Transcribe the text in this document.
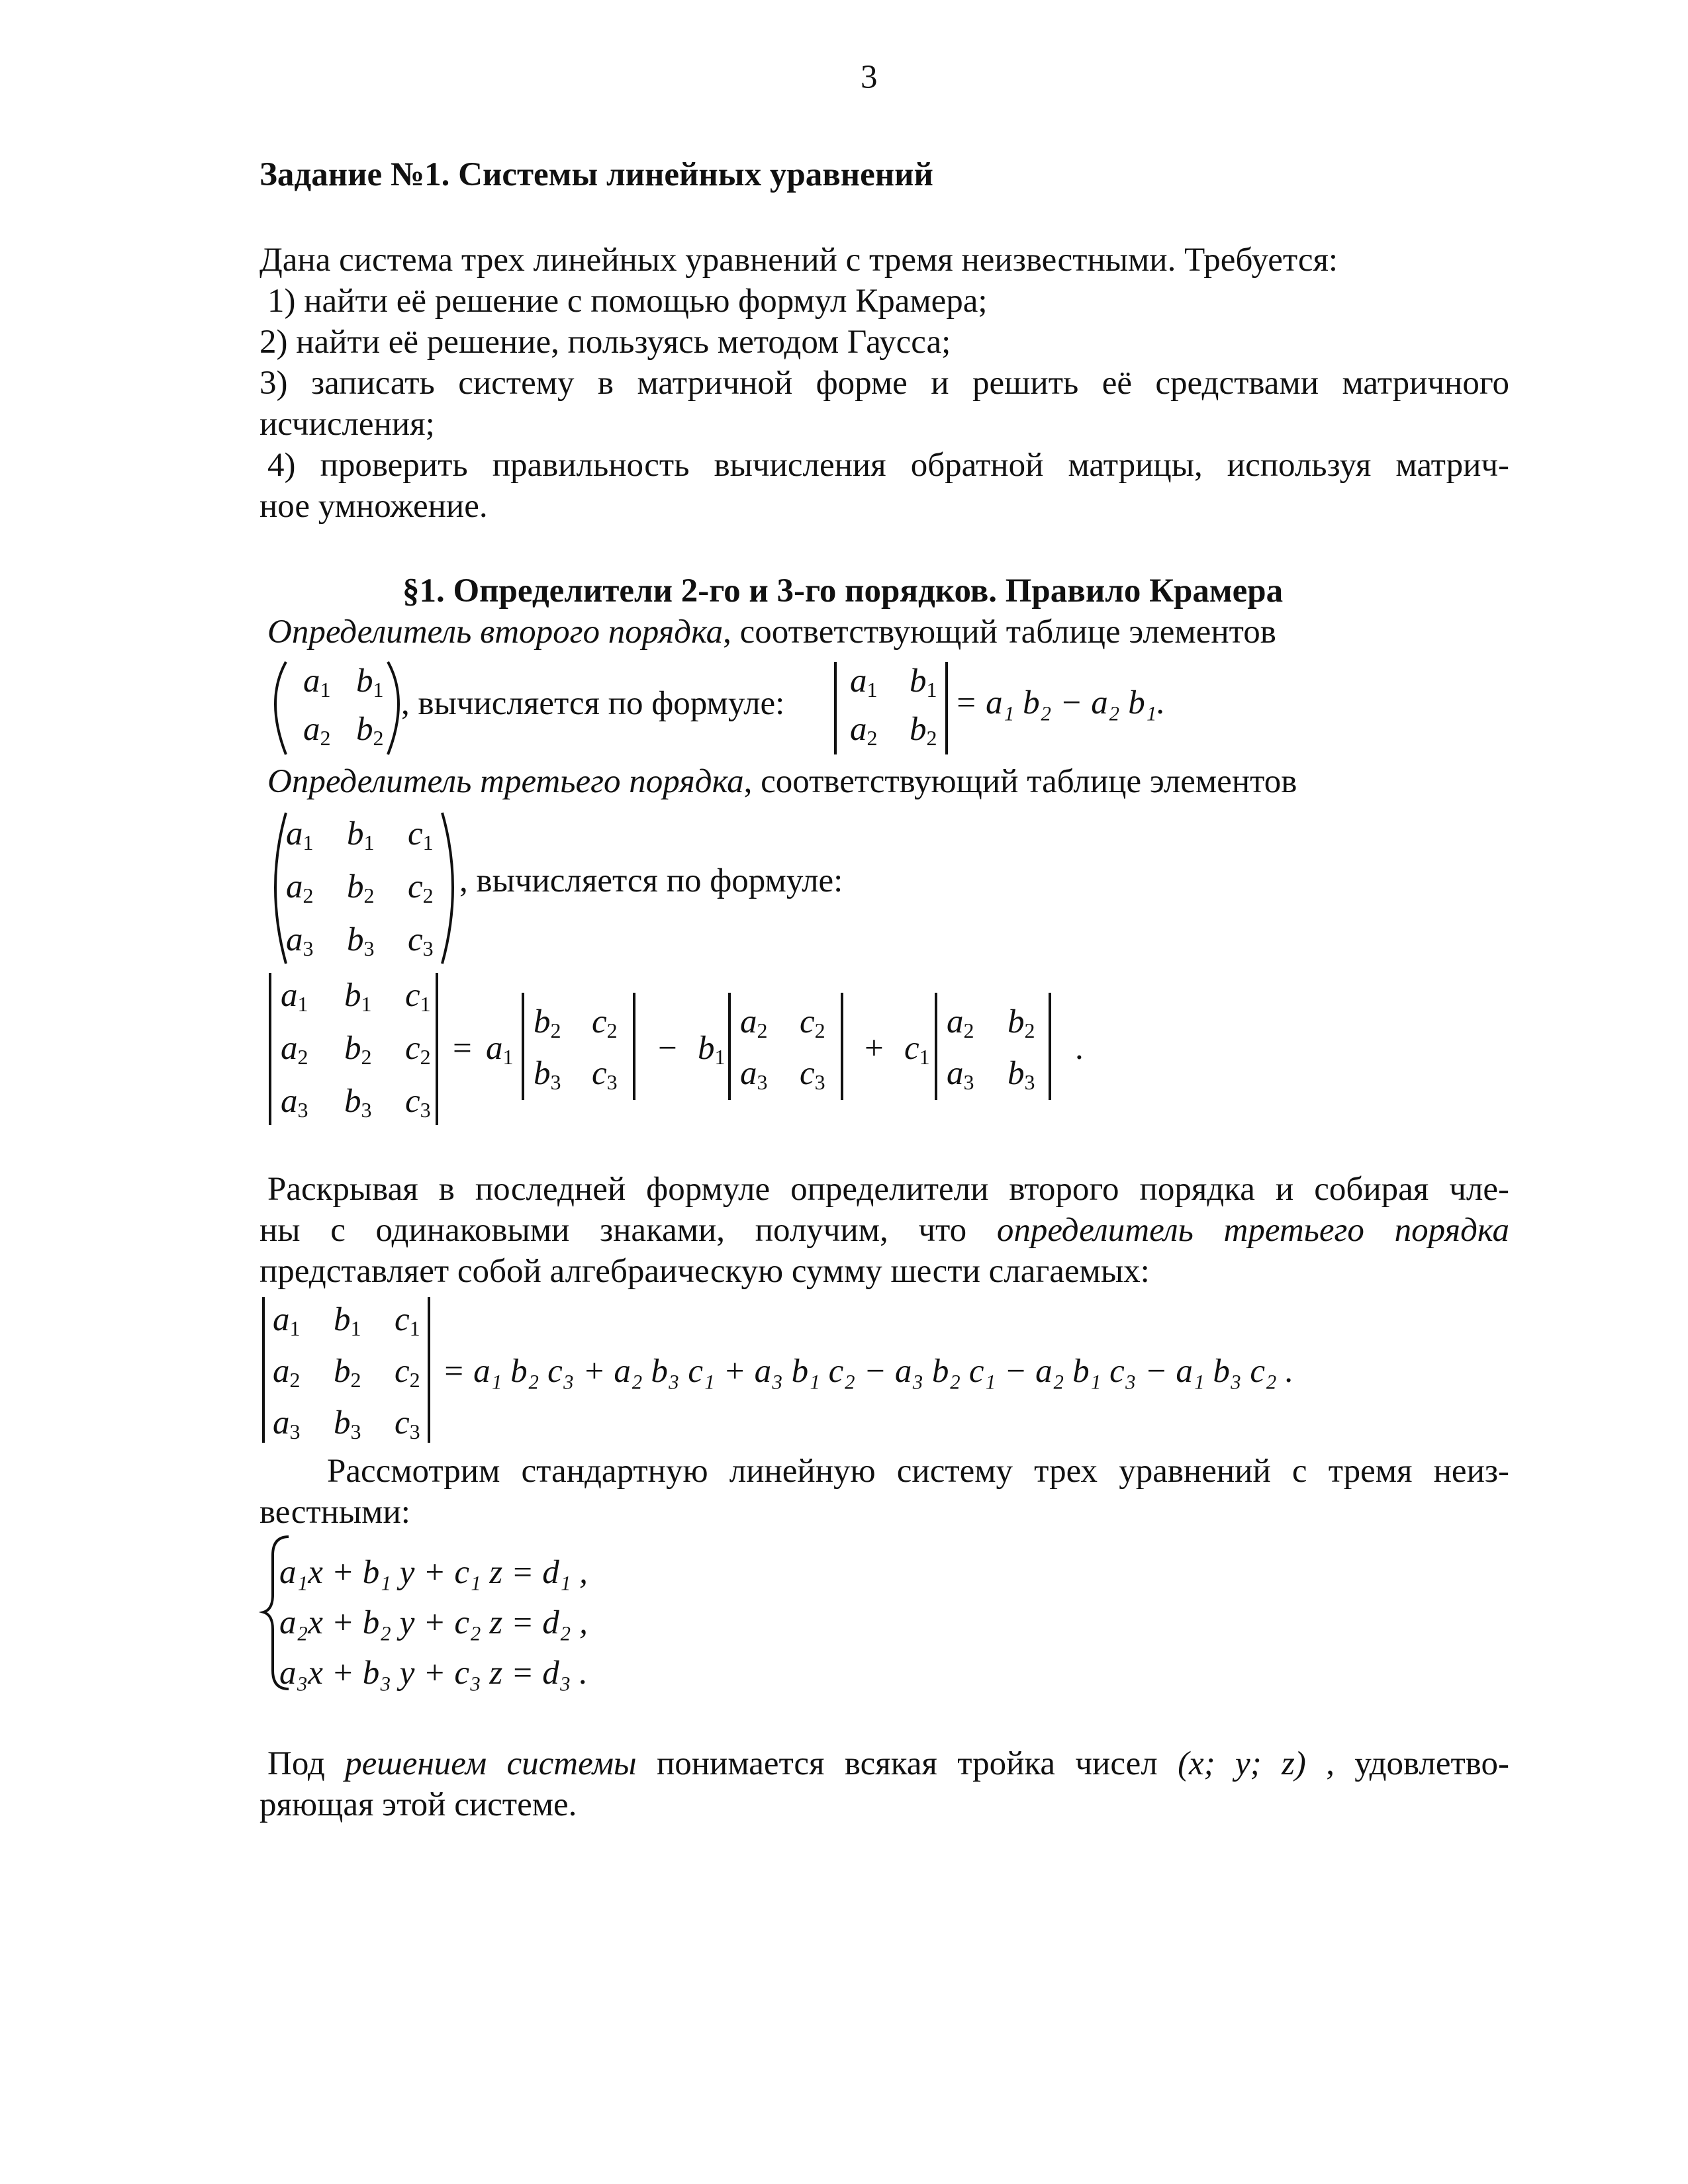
3
Задание №1. Системы линейных уравнений
Дана система трех линейных уравнений с тремя неизвестными. Требуется:
1) найти её решение с помощью формул Крамера;
2) найти её решение, пользуясь методом Гаусса;
3) записать систему в матричной форме и решить её средствами матричного
исчисления;
4) проверить правильность вычисления обратной матрицы, используя матрич-
ное умножение.
§1. Определители 2-го и 3-го порядков. Правило Крамера
Определитель второго порядка, соответствующий таблице элементов
, вычисляется по формуле:
Определитель третьего порядка, соответствующий таблице элементов
, вычисляется по формуле:
Раскрывая в последней формуле определители второго порядка и собирая чле-
ны с одинаковыми знаками, получим, что определитель третьего порядка
представляет собой алгебраическую сумму шести слагаемых:
Рассмотрим стандартную линейную систему трех уравнений с тремя неиз-
вестными:
Под решением системы понимается всякая тройка чисел (x; y; z) , удовлетво-
ряющая этой системе.
a1 b1
a2 b2
a1 b1
a2 b2
= a₁ b₂ − a₂ b₁.
a1 b1 c1
a2 b2 c2
a3 b3 c3
a1 b1 c1
a2 b2 c2
a3 b3 c3
= a1
b2 c2
b3 c3
− b1
a2 c2
a3 c3
+ c1
a2 b2
a3 b3
.
a1 b1 c1
a2 b2 c2
a3 b3 c3
= a₁ b₂ c₃ + a₂ b₃ c₁ + a₃ b₁ c₂ − a₃ b₂ c₁ − a₂ b₁ c₃ − a₁ b₃ c₂ .
a₁x + b₁ y + c₁ z = d₁ ,
a₂x + b₂ y + c₂ z = d₂ ,
a₃x + b₃ y + c₃ z = d₃ .
